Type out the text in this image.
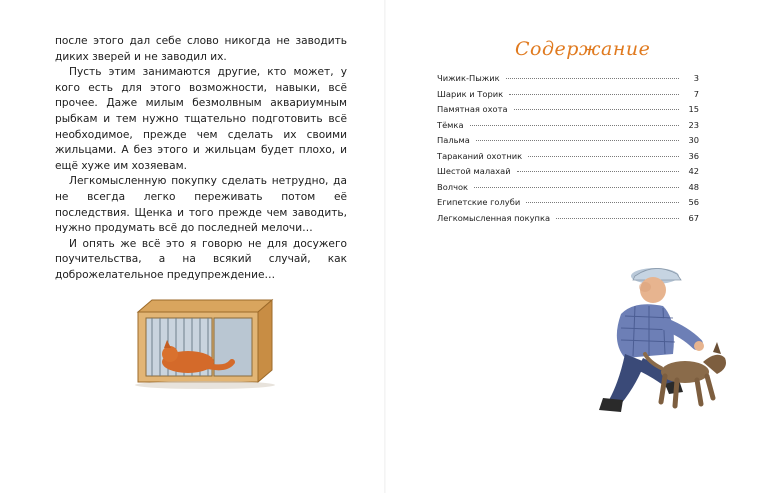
после этого дал себе слово никогда не заводить диких зверей и не заводил их.

Пусть этим занимаются другие, кто может, у кого есть для этого возможности, навыки, всё прочее. Даже милым безмолвным аквариумным рыбкам и тем нужно тщательно подготовить всё необходимое, прежде чем сделать их своими жильцами. А без этого и жильцам будет плохо, и ещё хуже им хозяевам.

Легкомысленную покупку сделать нетрудно, да не всегда легко переживать потом её последствия. Щенка и того прежде чем заводить, нужно продумать всё до последней мелочи…

И опять же всё это я говорю не для досужего поучительства, а на всякий случай, как доброжелательное предупреждение…

Содержание
Чижик-Пыжик	3
Шарик и Торик	7
Памятная охота	15
Тёмка	23
Пальма	30
Тараканий охотник	36
Шестой малахай	42
Волчок	48
Египетские голуби	56
Легкомысленная покупка	67
